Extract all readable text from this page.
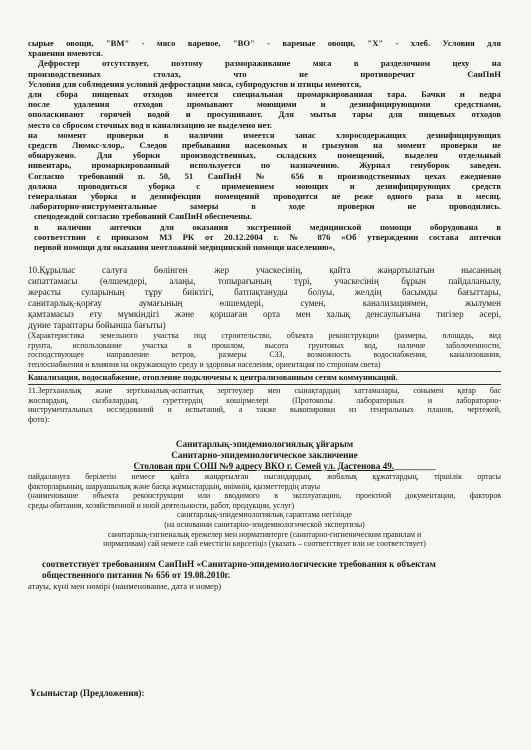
сырые овощи, "ВМ" - мясо вареное, "ВО" - вареные овощи, "Х" - хлеб. Условия для

хранения имеются.

Дефростер отсутствует, поэтому размораживание мяса в разделочном цеху на

производственных столах, что не противоречит СанПиН

Условия для соблюдения условий дефростации мяса, субпродуктов и птицы имеются,

для сбора пищевых отходов имеется специальная промаркированная тара. Бачки и ведра

после удаления отходов промывают моющими и дезинфицирующими средствами,

ополаскивают горячей водой и просушивают. Для мытья тары для пищевых отходов

место со сбросом сточных вод в канализацию не выделено нет.

на момент проверки в наличии имеется запас хлоросодержащих дезинфицирующих

средств Люмкс-хлор,. Следов пребывания насекомых и грызунов на момент проверки не

обнаружено. Для уборки производственных, складских помещений, выделен отдельный

инвентарь, промаркированный используется по назначению. Журнал генуборок заведен.

Согласно требований п. 50, 51 СанПиН № 656 в производственных цехах ежедневно

должна проводиться уборка с применением моющих и дезинфицирующих средств

генеральная уборка и дезинфекция помещений проводится не реже одного раза в месяц.

лабораторно-инструментальные замеры в ходе проверки не проводились.

спецодеждой согласно требований СанПиН обеспечены.

в наличии аптечки для оказания экстренной медицинской помощи оборудована в

соответствии с приказом МЗ РК от 20.12.2004 г. № 876 «Об утверждении состава аптечки

первой помощи для оказания неотложной медицинской помощи населению»,

10.Құрылыс салуға бөлінген жер учаскесінің, қайта жаңартылатын нысанның

сипаттамасы (өлшемдері, алаңы, топырағының түрі, учаскесінің бұрын пайдаланылу,

жерасты суларының тұру биіктігі, батпақтануды болуы, желдің басымды бағыттары,

санитарлық-қорғау аумағының өлшемдері, сумен, канализациямен, жылумен

қамтамасыз ету мүмкіндігі және қоршаған орта мен халық денсаулығына тигізер әсері,

дүние тараптары бойынша бағыты)

(Характеристика земельного участка под строительство, объекта реконструкции (размеры, площадь, вид

грунта, использование участка в прошлом, высота грунтовых вод, наличие заболоченности,

господствующее направление ветров, размеры СЗЗ, возможность водоснабжения, канализования,

теплоснабжения и влияния на окружающую среду и здоровья населения, ориентация по сторонам света)

Канализация, водоснабжение, отопление подключены к централизованным сетям коммуникаций.

11.Зертханалық және зертханалық-аспаптық зерттеулер мен сынақтардың хаттамалары, сонымен қатар бас

жоспардың, сызбалардың, суреттердің көшірмелері (Протоколы лабораторных и лабораторно-

инструментальных исследований и испытаний, а также выкопировки из генеральных планов, чертежей,

фото):

Санитарлық-эпидемиологиялық ұйғарым

Санитарно-эпидемиологическое заключение

Столовая при СОШ №9 адресу ВКО г. Семей ул. Дастенова 49._________

пайдалануға берілетін немесе қайта жаңартылған нысандардың, жобалық құжаттардың, тіршілік ортасы

факторларының, шаруашылық және басқа жұмыстардың, өнімнің, қызметтердің атауы

(наименование объекта реконструкции или вводимого в эксплуатацию, проектной документации, факторов

среды обитания, хозяйственной и иной деятельности, работ, продукции, услуг)

санитарлық-эпидемиологиялық сараптама негізінде

(на основании санитарно-эпидемиологической экспертизы)

санитарлық-гигиеналық ережелер мен нормативтерге (санитарно-гигиеническим правилам и

нормативам) сай немесе сай еместігін көрсетіңіз (указать – соответствует или не соответствует)

соответствует требованиям СанПиН «Санитарно-эпидемиологические требования к объектам

общественного питания № 656 от 19.08.2010г.

атауы, күні мен нөмірі (наименование, дата и номер)

Ұсыныстар (Предложения):
